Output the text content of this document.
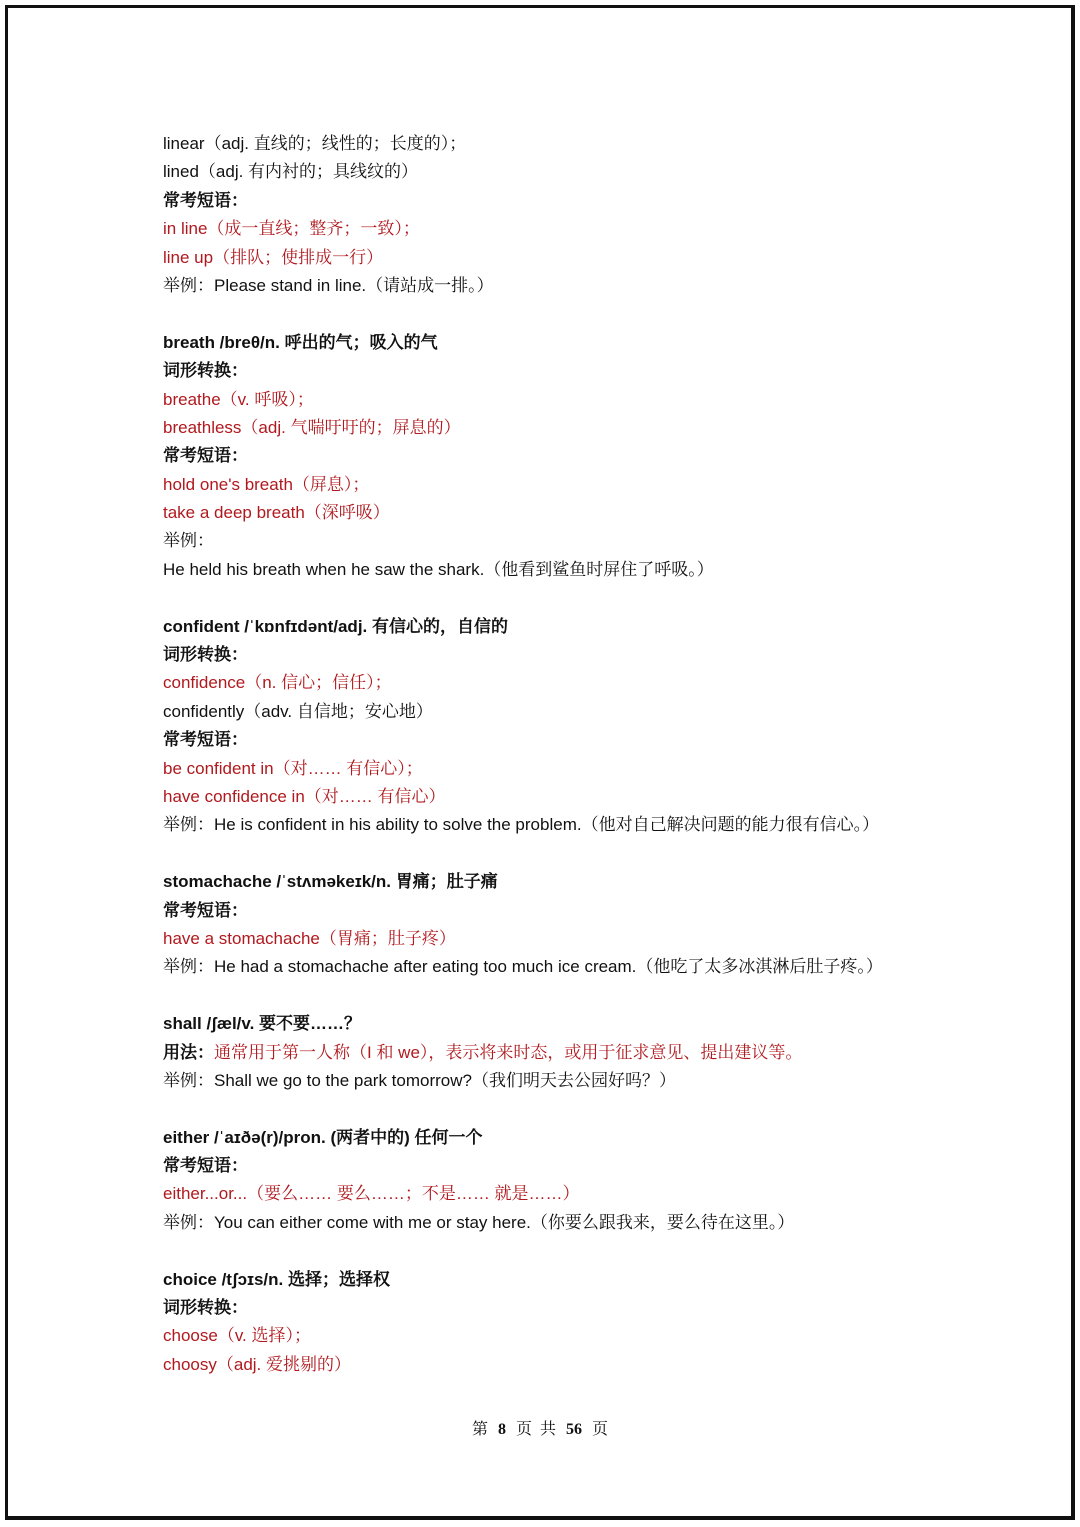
linear（adj. 直线的；线性的；长度的）；
lined（adj. 有内衬的；具线纹的）
常考短语：
in line（成一直线；整齐；一致）；
line up（排队；使排成一行）
举例：Please stand in line.（请站成一排。）
breath /breθ/n. 呼出的气；吸入的气
词形转换：
breathe（v. 呼吸）；
breathless（adj. 气喘吁吁的；屏息的）
常考短语：
hold one's breath（屏息）；
take a deep breath（深呼吸）
举例：
He held his breath when he saw the shark.（他看到鲨鱼时屏住了呼吸。）
confident /ˈkɒnfɪdənt/adj. 有信心的，自信的
词形转换：
confidence（n. 信心；信任）；
confidently（adv. 自信地；安心地）
常考短语：
be confident in（对…… 有信心）；
have confidence in（对…… 有信心）
举例：He is confident in his ability to solve the problem.（他对自己解决问题的能力很有信心。）
stomachache /ˈstʌməkeɪk/n. 胃痛；肚子痛
常考短语：
have a stomachache（胃痛；肚子疼）
举例：He had a stomachache after eating too much ice cream.（他吃了太多冰淇淋后肚子疼。）
shall /ʃæl/v. 要不要……？
用法：通常用于第一人称（I 和 we），表示将来时态，或用于征求意见、提出建议等。
举例：Shall we go to the park tomorrow?（我们明天去公园好吗？）
either /ˈaɪðə(r)/pron. (两者中的) 任何一个
常考短语：
either...or...（要么…… 要么……；不是…… 就是……）
举例：You can either come with me or stay here.（你要么跟我来，要么待在这里。）
choice /tʃɔɪs/n. 选择；选择权
词形转换：
choose（v. 选择）；
choosy（adj. 爱挑剔的）
第 8 页 共 56 页
